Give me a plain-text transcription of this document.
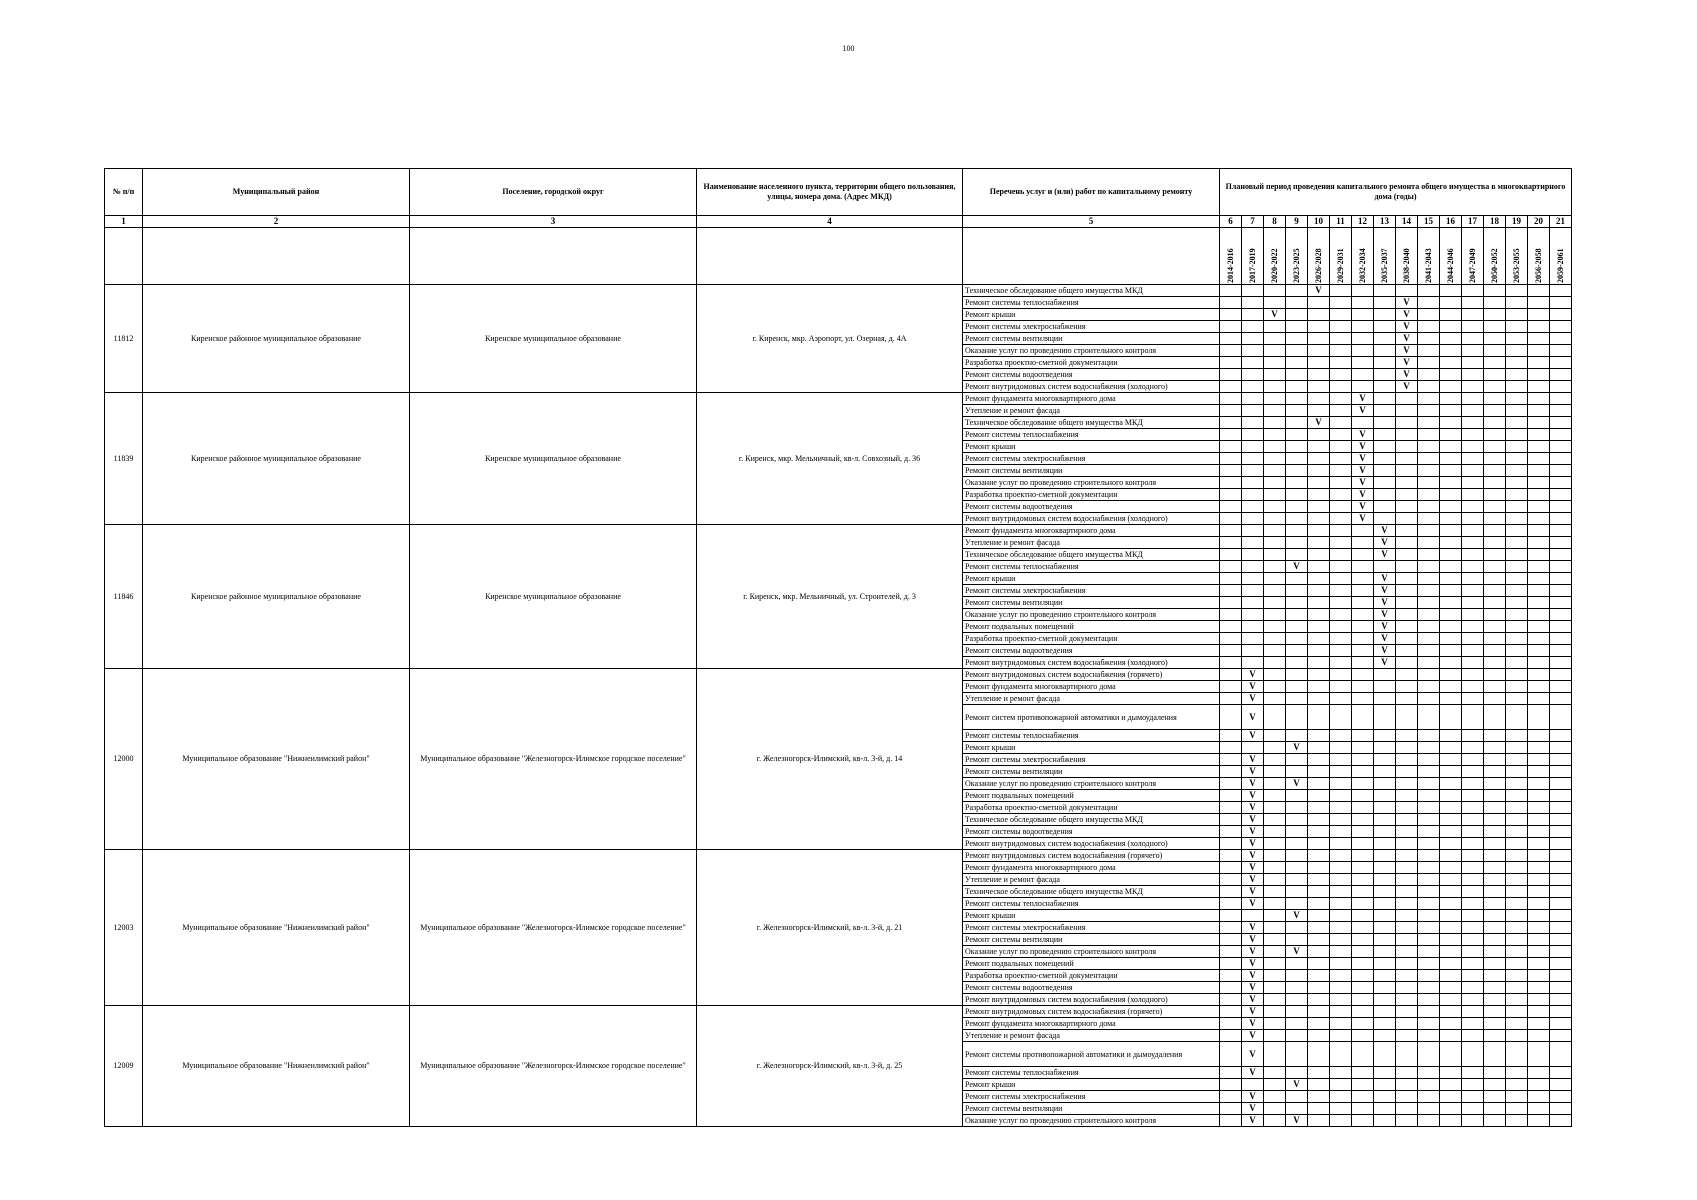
100
№ п/п	Муниципальный район	Поселение, городской округ	Наименование населенного пункта, территории общего пользования, улицы, номера дома. (Адрес МКД)	Перечень услуг и (или) работ по капитальному ремонту	Плановый период проведения капитального ремонта общего имущества в многоквартирного дома (годы)															
1	2	3	4	5	6	7	8	9	10	11	12	13	14	15	16	17	18	19	20	21

					2014-2016	2017-2019	2020-2022	2023-2025	2026-2028	2029-2031	2032-2034	2035-2037	2038-2040	2041-2043	2044-2046	2047-2049	2050-2052	2053-2055	2056-2058	2059-2061

11812	Киренское районное муниципальное образование	Киренское муниципальное образование	г. Киренск, мкр. Аэропорт, ул. Озерная, д. 4А	Техническое обследование общего имущества МКД					V											
				Ремонт системы теплоснабжения									V							
				Ремонт крыши			V						V							
				Ремонт системы электроснабжения									V							
				Ремонт системы вентиляции									V							
				Оказание услуг по проведению строительного контроля									V							
				Разработка проектно-сметной документации									V							
				Ремонт системы водоотведения									V							
				Ремонт внутридомовых систем водоснабжения (холодного)									V							
11839	Киренское районное муниципальное образование	Киренское муниципальное образование	г. Киренск, мкр. Мельничный, кв-л. Совхозный, д. 36	Ремонт фундамента многоквартирного дома							V									
				Утепление и ремонт фасада							V									
				Техническое обследование общего имущества МКД					V											
				Ремонт системы теплоснабжения							V									
				Ремонт крыши							V									
				Ремонт системы электроснабжения							V									
				Ремонт системы вентиляции							V									
				Оказание услуг по проведению строительного контроля							V									
				Разработка проектно-сметной документации							V									
				Ремонт системы водоотведения							V									
				Ремонт внутридомовых систем водоснабжения (холодного)							V									
11846	Киренское районное муниципальное образование	Киренское муниципальное образование	г. Киренск, мкр. Мельничный, ул. Строителей, д. 3	Ремонт фундамента многоквартирного дома								V								
				Утепление и ремонт фасада								V								
				Техническое обследование общего имущества МКД								V								
				Ремонт системы теплоснабжения				V												
				Ремонт крыши								V								
				Ремонт системы электроснабжения								V								
				Ремонт системы вентиляции								V								
				Оказание услуг по проведению строительного контроля								V								
				Ремонт подвальных помещений								V								
				Разработка проектно-сметной документации								V								
				Ремонт системы водоотведения								V								
				Ремонт внутридомовых систем водоснабжения (холодного)								V								
12000	Муниципальное образование "Нижнеилимский район"	Муниципальное образование "Железногорск-Илимское городское поселение"	г. Железногорск-Илимский, кв-л. 3-й, д. 14	Ремонт внутридомовых систем водоснабжения (горячего)		V														
				Ремонт фундамента многоквартирного дома		V														
				Утепление и ремонт фасада		V														
				Ремонт систем противопожарной автоматики и дымоудаления		V														
				Ремонт системы теплоснабжения		V														
				Ремонт крыши				V												
				Ремонт системы электроснабжения		V														
				Ремонт системы вентиляции		V														
				Оказание услуг по проведению строительного контроля		V		V												
				Ремонт подвальных помещений		V														
				Разработка проектно-сметной документации		V														
				Техническое обследование общего имущества МКД		V														
				Ремонт системы водоотведения		V														
				Ремонт внутридомовых систем водоснабжения (холодного)		V														
12003	Муниципальное образование "Нижнеилимский район"	Муниципальное образование "Железногорск-Илимское городское поселение"	г. Железногорск-Илимский, кв-л. 3-й, д. 21	Ремонт внутридомовых систем водоснабжения (горячего)		V														
				Ремонт фундамента многоквартирного дома		V														
				Утепление и ремонт фасада		V														
				Техническое обследование общего имущества МКД		V														
				Ремонт системы теплоснабжения		V														
				Ремонт крыши				V												
				Ремонт системы электроснабжения		V														
				Ремонт системы вентиляции		V														
				Оказание услуг по проведению строительного контроля		V		V												
				Ремонт подвальных помещений		V														
				Разработка проектно-сметной документации		V														
				Ремонт системы водоотведения		V														
				Ремонт внутридомовых систем водоснабжения (холодного)		V														
12009	Муниципальное образование "Нижнеилимский район"	Муниципальное образование "Железногорск-Илимское городское поселение"	г. Железногорск-Илимский, кв-л. 3-й, д. 25	Ремонт внутридомовых систем водоснабжения (горячего)		V														
				Ремонт фундамента многоквартирного дома		V														
				Утепление и ремонт фасада		V														
				Ремонт системы противопожарной автоматики и дымоудаления		V														
				Ремонт системы теплоснабжения		V														
				Ремонт крыши				V												
				Ремонт системы электроснабжения		V														
				Ремонт системы вентиляции		V														
				Оказание услуг по проведению строительного контроля		V		V												
